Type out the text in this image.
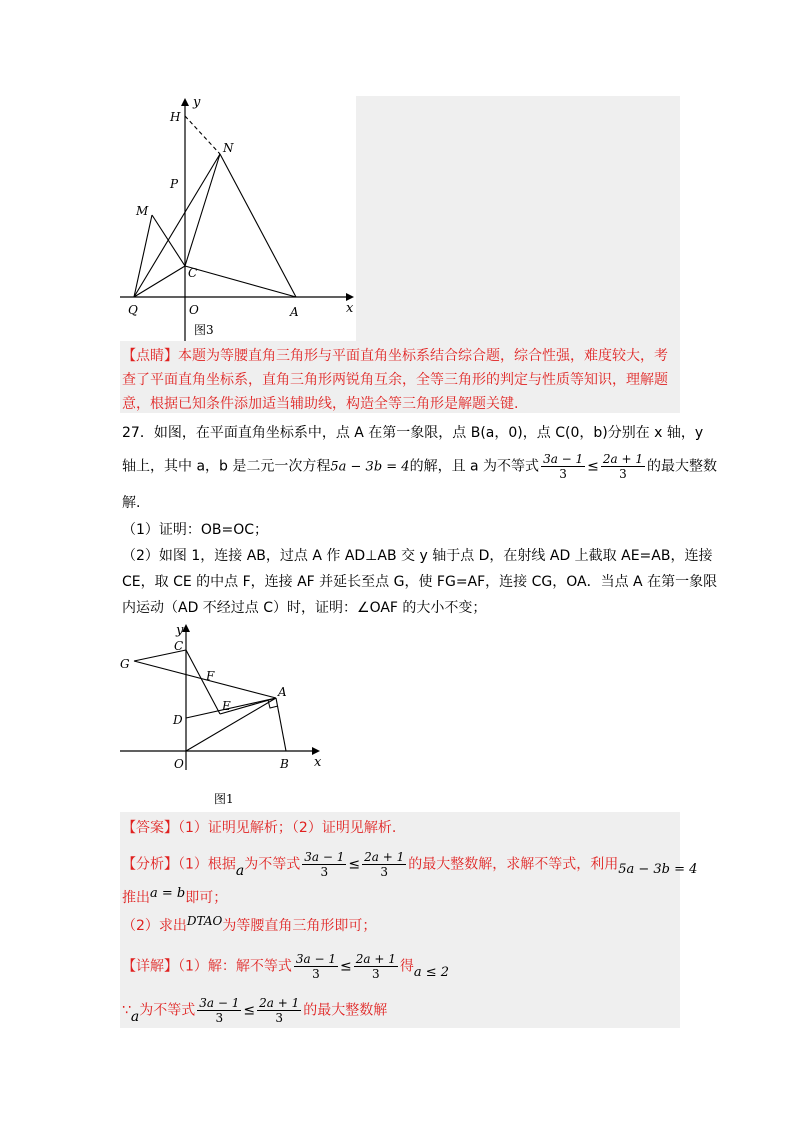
y
H
N
P
M
C
Q	O	A	x
图3
【点睛】本题为等腰直角三角形与平面直角坐标系结合综合题，综合性强，难度较大，考
查了平面直角坐标系，直角三角形两锐角互余，全等三角形的判定与性质等知识，理解题
意，根据已知条件添加适当辅助线，构造全等三角形是解题关键.
27．如图，在平面直角坐标系中，点 A 在第一象限，点 B(a，0)，点 C(0，b)分别在 x 轴，y
轴上，其中 a，b 是二元一次方程5a − 3b = 4的解，且 a 为不等式 $\frac{3a - 1}{3} \le \frac{2a + 1}{3}$ 的最大整数
解.
（1）证明：OB=OC；
（2）如图 1，连接 AB，过点 A 作 AD⊥AB 交 y 轴于点 D，在射线 AD 上截取 AE=AB，连接
CE，取 CE 的中点 F，连接 AF 并延长至点 G，使 FG=AF，连接 CG，OA．当点 A 在第一象限
内运动（AD 不经过点 C）时，证明：∠OAF 的大小不变；
y
C
G
F
A
E
D
O	B x
图1
【答案】（1）证明见解析；（2）证明见解析.
【分析】（1）根据a为不等式 $\frac{3a - 1}{3} \le \frac{2a + 1}{3}$ 的最大整数解，求解不等式，利用5a − 3b = 4
推出a = b即可；
（2）求出DTAO为等腰直角三角形即可；
【详解】（1）解：解不等式 $\frac{3a - 1}{3} \le \frac{2a + 1}{3}$ 得a ≤ 2
∵a为不等式 $\frac{3a - 1}{3} \le \frac{2a + 1}{3}$ 的最大整数解
